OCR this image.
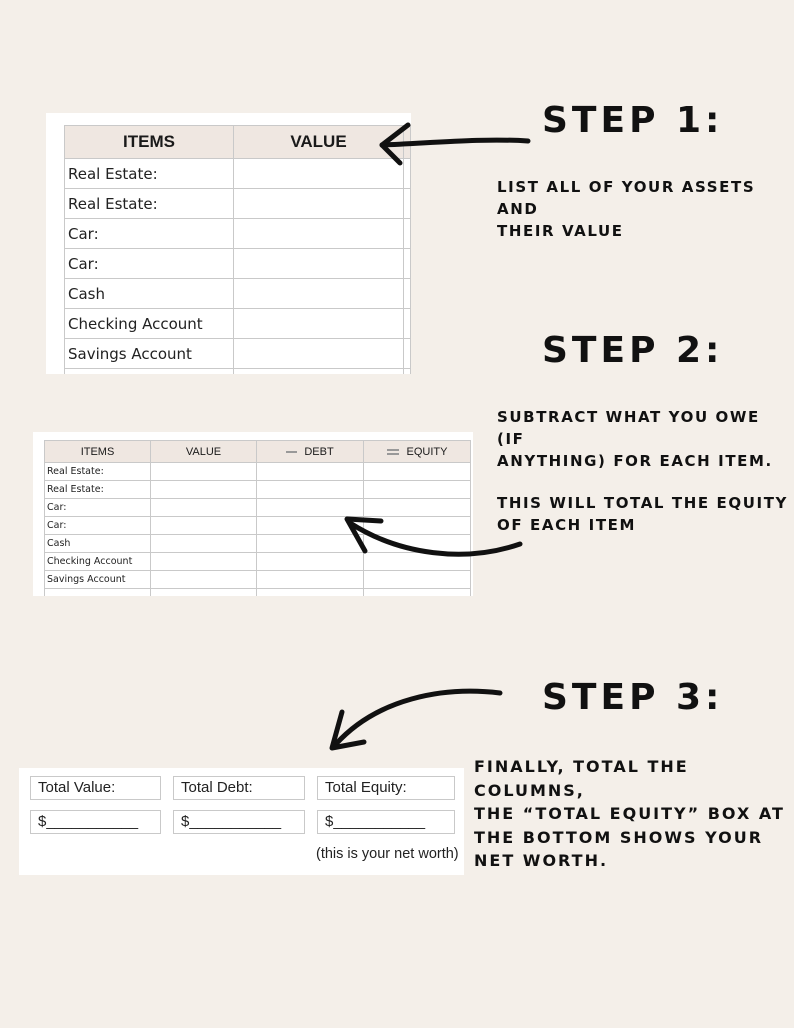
ITEMS	VALUE	
Real Estate:		
Real Estate:		
Car:		
Car:		
Cash		
Checking Account		
Savings Account		

STEP 1:
LIST ALL OF YOUR ASSETS AND
THEIR VALUE
STEP 2:
SUBTRACT WHAT YOU OWE (IF
ANYTHING) FOR EACH ITEM.
THIS WILL TOTAL THE EQUITY
OF EACH ITEM
ITEMS	VALUE	DEBT	EQUITY
Real Estate:			
Real Estate:			
Car:			
Car:			
Cash			
Checking Account			
Savings Account			

STEP 3:
FINALLY, TOTAL THE COLUMNS,
THE “TOTAL EQUITY” BOX AT
THE BOTTOM SHOWS YOUR
NET WORTH.
Total Value:	Total Debt:	Total Equity:
$___________	$___________	$___________
(this is your net worth)
